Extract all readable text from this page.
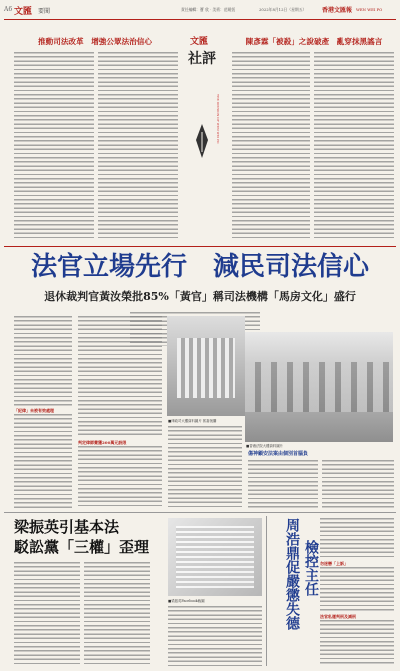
A6 文匯 要聞	責任編輯：寶 欣 · 美術：范曉恆	2022年8月12日（星期五）	香港文匯報 WEN WEI PO
推動司法改革　增強公眾法治信心	文匯
社評
THE OPINION OF WEN WEI PO
陳彥霖「被殺」之說破產　亂穿抹黑謠言
法官立場先行　減民司法信心
退休裁判官黃汝榮批85%「黃官」稱司法機構「馬房文化」盛行
■律政司大樓資料圖片 郭嘉恆攝
■香港法院大樓資料圖片
「紀律」未被有效處理
判定律師費獲200萬元設限
傷神顧安法案由個別首腦負
梁振英引基本法
駁訟黨「三權」歪理
■梁振英Facebook截圖	周浩鼎促嚴懲失德 檢控主任 勿迷戀「上訴」
法官私運判刑及減刑
